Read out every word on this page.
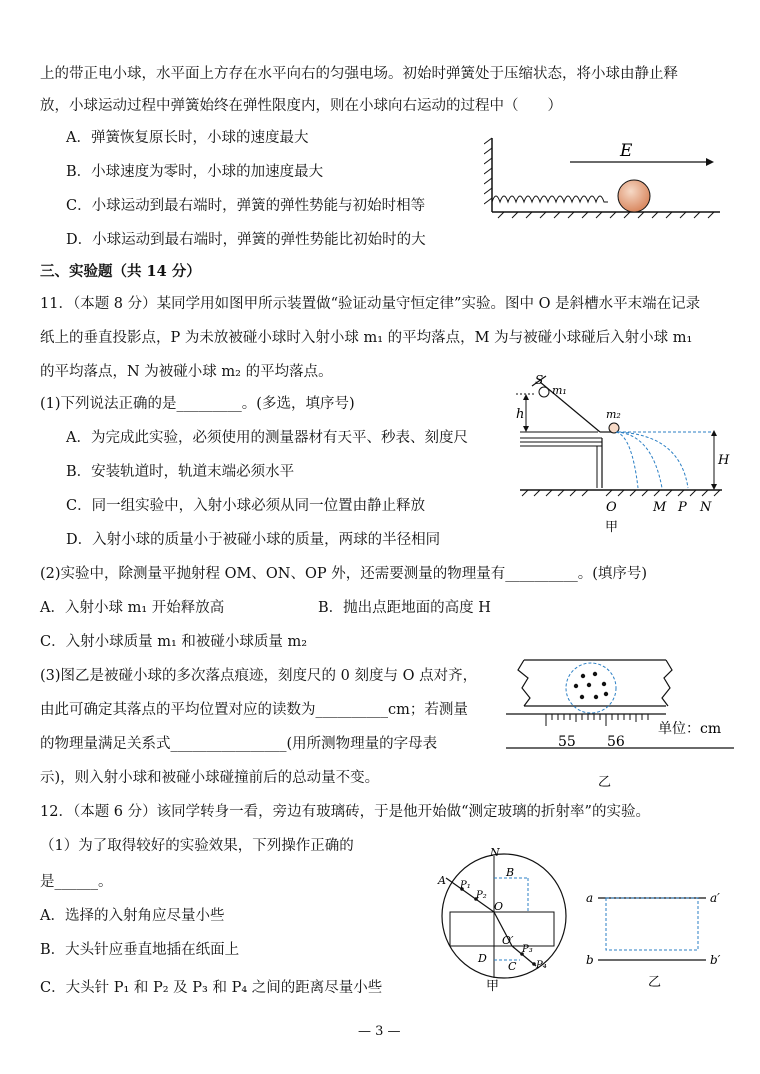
上的带正电小球，水平面上方存在水平向右的匀强电场。初始时弹簧处于压缩状态，将小球由静止释
放，小球运动过程中弹簧始终在弹性限度内，则在小球向右运动的过程中（　　）
A．弹簧恢复原长时，小球的速度最大
B．小球速度为零时，小球的加速度最大
C．小球运动到最右端时，弹簧的弹性势能与初始时相等
D．小球运动到最右端时，弹簧的弹性势能比初始时的大
E
三、实验题（共 14 分）
11．（本题 8 分）某同学用如图甲所示装置做“验证动量守恒定律”实验。图中 O 是斜槽水平末端在记录
纸上的垂直投影点，P 为未放被碰小球时入射小球 m₁ 的平均落点，M 为与被碰小球碰后入射小球 m₁
的平均落点，N 为被碰小球 m₂ 的平均落点。
(1)下列说法正确的是_________。(多选，填序号)
A．为完成此实验，必须使用的测量器材有天平、秒表、刻度尺
B．安装轨道时，轨道末端必须水平
C．同一组实验中，入射小球必须从同一位置由静止释放
D．入射小球的质量小于被碰小球的质量，两球的半径相同
S
m₁
h	m₂
H
O	M P N
甲
(2)实验中，除测量平抛射程 OM、ON、OP 外，还需要测量的物理量有__________。(填序号)
A．入射小球 m₁ 开始释放高	B．抛出点距地面的高度 H
C．入射小球质量 m₁ 和被碰小球质量 m₂
(3)图乙是被碰小球的多次落点痕迹，刻度尺的 0 刻度与 O 点对齐，
由此可确定其落点的平均位置对应的读数为__________cm；若测量
的物理量满足关系式________________(用所测物理量的字母表
示)，则入射小球和被碰小球碰撞前后的总动量不变。
55 56
单位：cm
乙
12．（本题 6 分）该同学转身一看，旁边有玻璃砖，于是他开始做“测定玻璃的折射率”的实验。
（1）为了取得较好的实验效果，下列操作正确的
是______。
A．选择的入射角应尽量小些
B．大头针应垂直地插在纸面上
C．大头针 P₁ 和 P₂ 及 P₃ 和 P₄ 之间的距离尽量小些
N
A
B
P₁
P₂
O
O′
P₃
P₄
D
C
甲
a	a′
b	b′
乙
— 3 —
